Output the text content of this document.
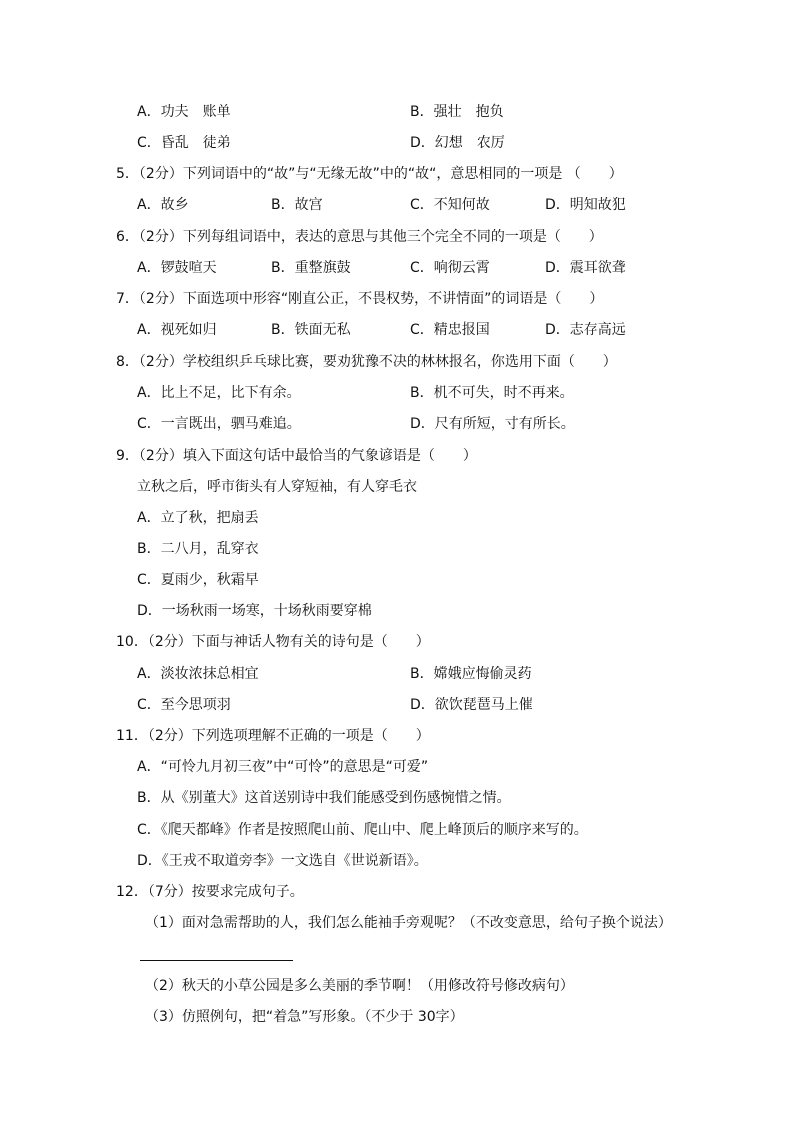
A．功夫　账单	B．强壮　抱负
C．昏乱　徒弟	D．幻想　农厉
5．（2分）下列词语中的“故”与“无缘无故”中的“故“，意思相同的一项是 （　　）
A．故乡	B．故宫	C．不知何故	D．明知故犯
6．（2分）下列每组词语中，表达的意思与其他三个完全不同的一项是（　　）
A．锣鼓喧天	B．重整旗鼓	C．响彻云霄	D．震耳欲聋
7．（2分）下面选项中形容“刚直公正，不畏权势，不讲情面”的词语是（　　）
A．视死如归	B．铁面无私	C．精忠报国	D．志存高远
8．（2分）学校组织乒乓球比赛，要劝犹豫不决的林林报名，你选用下面（　　）
A．比上不足，比下有余。	B．机不可失，时不再来。
C．一言既出，驷马难追。	D．尺有所短，寸有所长。
9．（2分）填入下面这句话中最恰当的气象谚语是（　　）
立秋之后，呼市街头有人穿短袖，有人穿毛衣
A．立了秋，把扇丢
B．二八月，乱穿衣
C．夏雨少，秋霜早
D．一场秋雨一场寒，十场秋雨要穿棉
10．（2分）下面与神话人物有关的诗句是（　　）
A．淡妆浓抹总相宜	B．嫦娥应悔偷灵药
C．至今思项羽	D．欲饮琵琶马上催
11．（2分）下列选项理解不正确的一项是（　　）
A．“可怜九月初三夜”中“可怜”的意思是“可爱”
B．从《别董大》这首送别诗中我们能感受到伤感惋惜之情。
C．《爬天都峰》作者是按照爬山前、爬山中、爬上峰顶后的顺序来写的。
D．《王戎不取道旁李》一文选自《世说新语》。
12．（7分）按要求完成句子。
（1）面对急需帮助的人，我们怎么能袖手旁观呢？（不改变意思，给句子换个说法）
（2）秋天的小草公园是多么美丽的季节啊！（用修改符号修改病句）
（3）仿照例句，把“着急”写形象。（不少于 30字）
